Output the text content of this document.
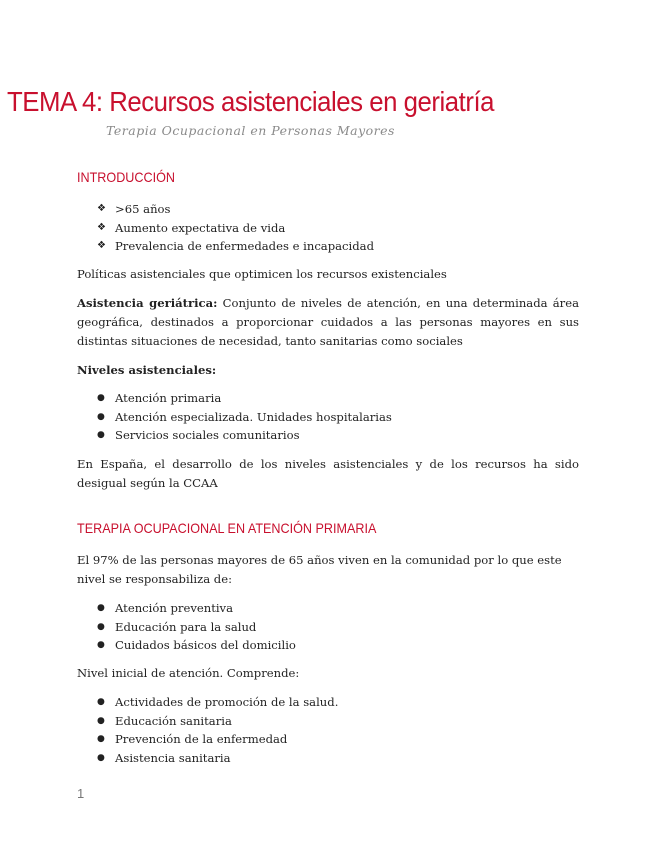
TEMA 4: Recursos asistenciales en geriatría
Terapia Ocupacional en Personas Mayores
INTRODUCCIÓN
❖ >65 años
❖ Aumento expectativa de vida
❖ Prevalencia de enfermedades e incapacidad
Políticas asistenciales que optimicen los recursos existenciales
Asistencia geriátrica: Conjunto de niveles de atención, en una determinada área geográfica, destinados a proporcionar cuidados a las personas mayores en sus distintas situaciones de necesidad, tanto sanitarias como sociales
Niveles asistenciales:
● Atención primaria
● Atención especializada. Unidades hospitalarias
● Servicios sociales comunitarios
En España, el desarrollo de los niveles asistenciales y de los recursos ha sido desigual según la CCAA
TERAPIA OCUPACIONAL EN ATENCIÓN PRIMARIA
El 97% de las personas mayores de 65 años viven en la comunidad por lo que este nivel se responsabiliza de:
● Atención preventiva
● Educación para la salud
● Cuidados básicos del domicilio
Nivel inicial de atención. Comprende:
● Actividades de promoción de la salud.
● Educación sanitaria
● Prevención de la enfermedad
● Asistencia sanitaria
1
